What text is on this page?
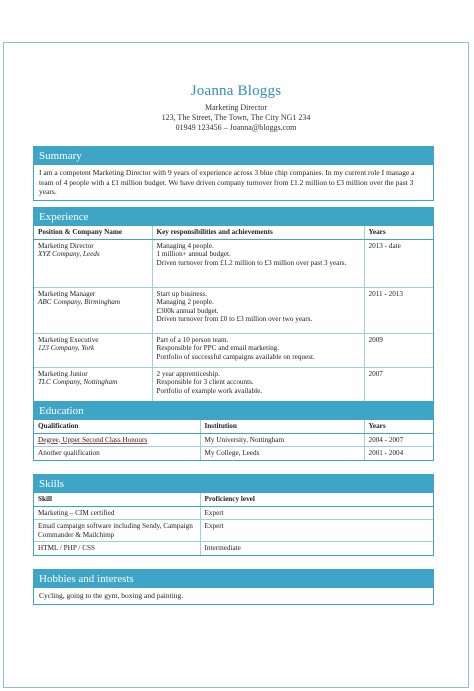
Joanna Bloggs
Marketing Director
123, The Street, The Town, The City NG1 234
01949 123456 – Joanna@bloggs.com
Summary
I am a competent Marketing Director with 9 years of experience across 3 blue chip companies. In my current role I manage a team of 4 people with a £1 million budget. We have driven company turnover from £1.2 million to £3 million over the past 3 years.
Experience
Position & Company Name	Key responsibilities and achievements	Years

Marketing Director
XYZ Company, Leeds	Managing 4 people.
1 million+ annual budget.
Driven turnover from £1.2 million to £3 million over past 3 years.	2013 - date

Marketing Manager
ABC Company, Birmingham	Start up business.
Managing 2 people.
£300k annual budget.
Driven turnover from £0 to £3 million over two years.	2011 - 2013

Marketing Executive
123 Company, York	Part of a 10 person team.
Responsible for PPC and email marketing.
Portfolio of successful campaigns available on request.	2009

Marketing Junior
TLC Company, Nottingham	2 year apprenticeship.
Responsible for 3 client accounts.
Portfolio of example work available.	2007
Education
Qualification	Institution	Years
Degree, Upper Second Class Honours	My University, Nottingham	2004 - 2007
Another qualification	My College, Leeds	2001 - 2004
Skills
Skill	Proficiency level
Marketing – CIM certified	Expert
Email campaign software including Sendy, Campaign Commander & Mailchimp	Expert
HTML / PHP / CSS	Intermediate
Hobbies and interests
Cycling, going to the gym, boxing and painting.
